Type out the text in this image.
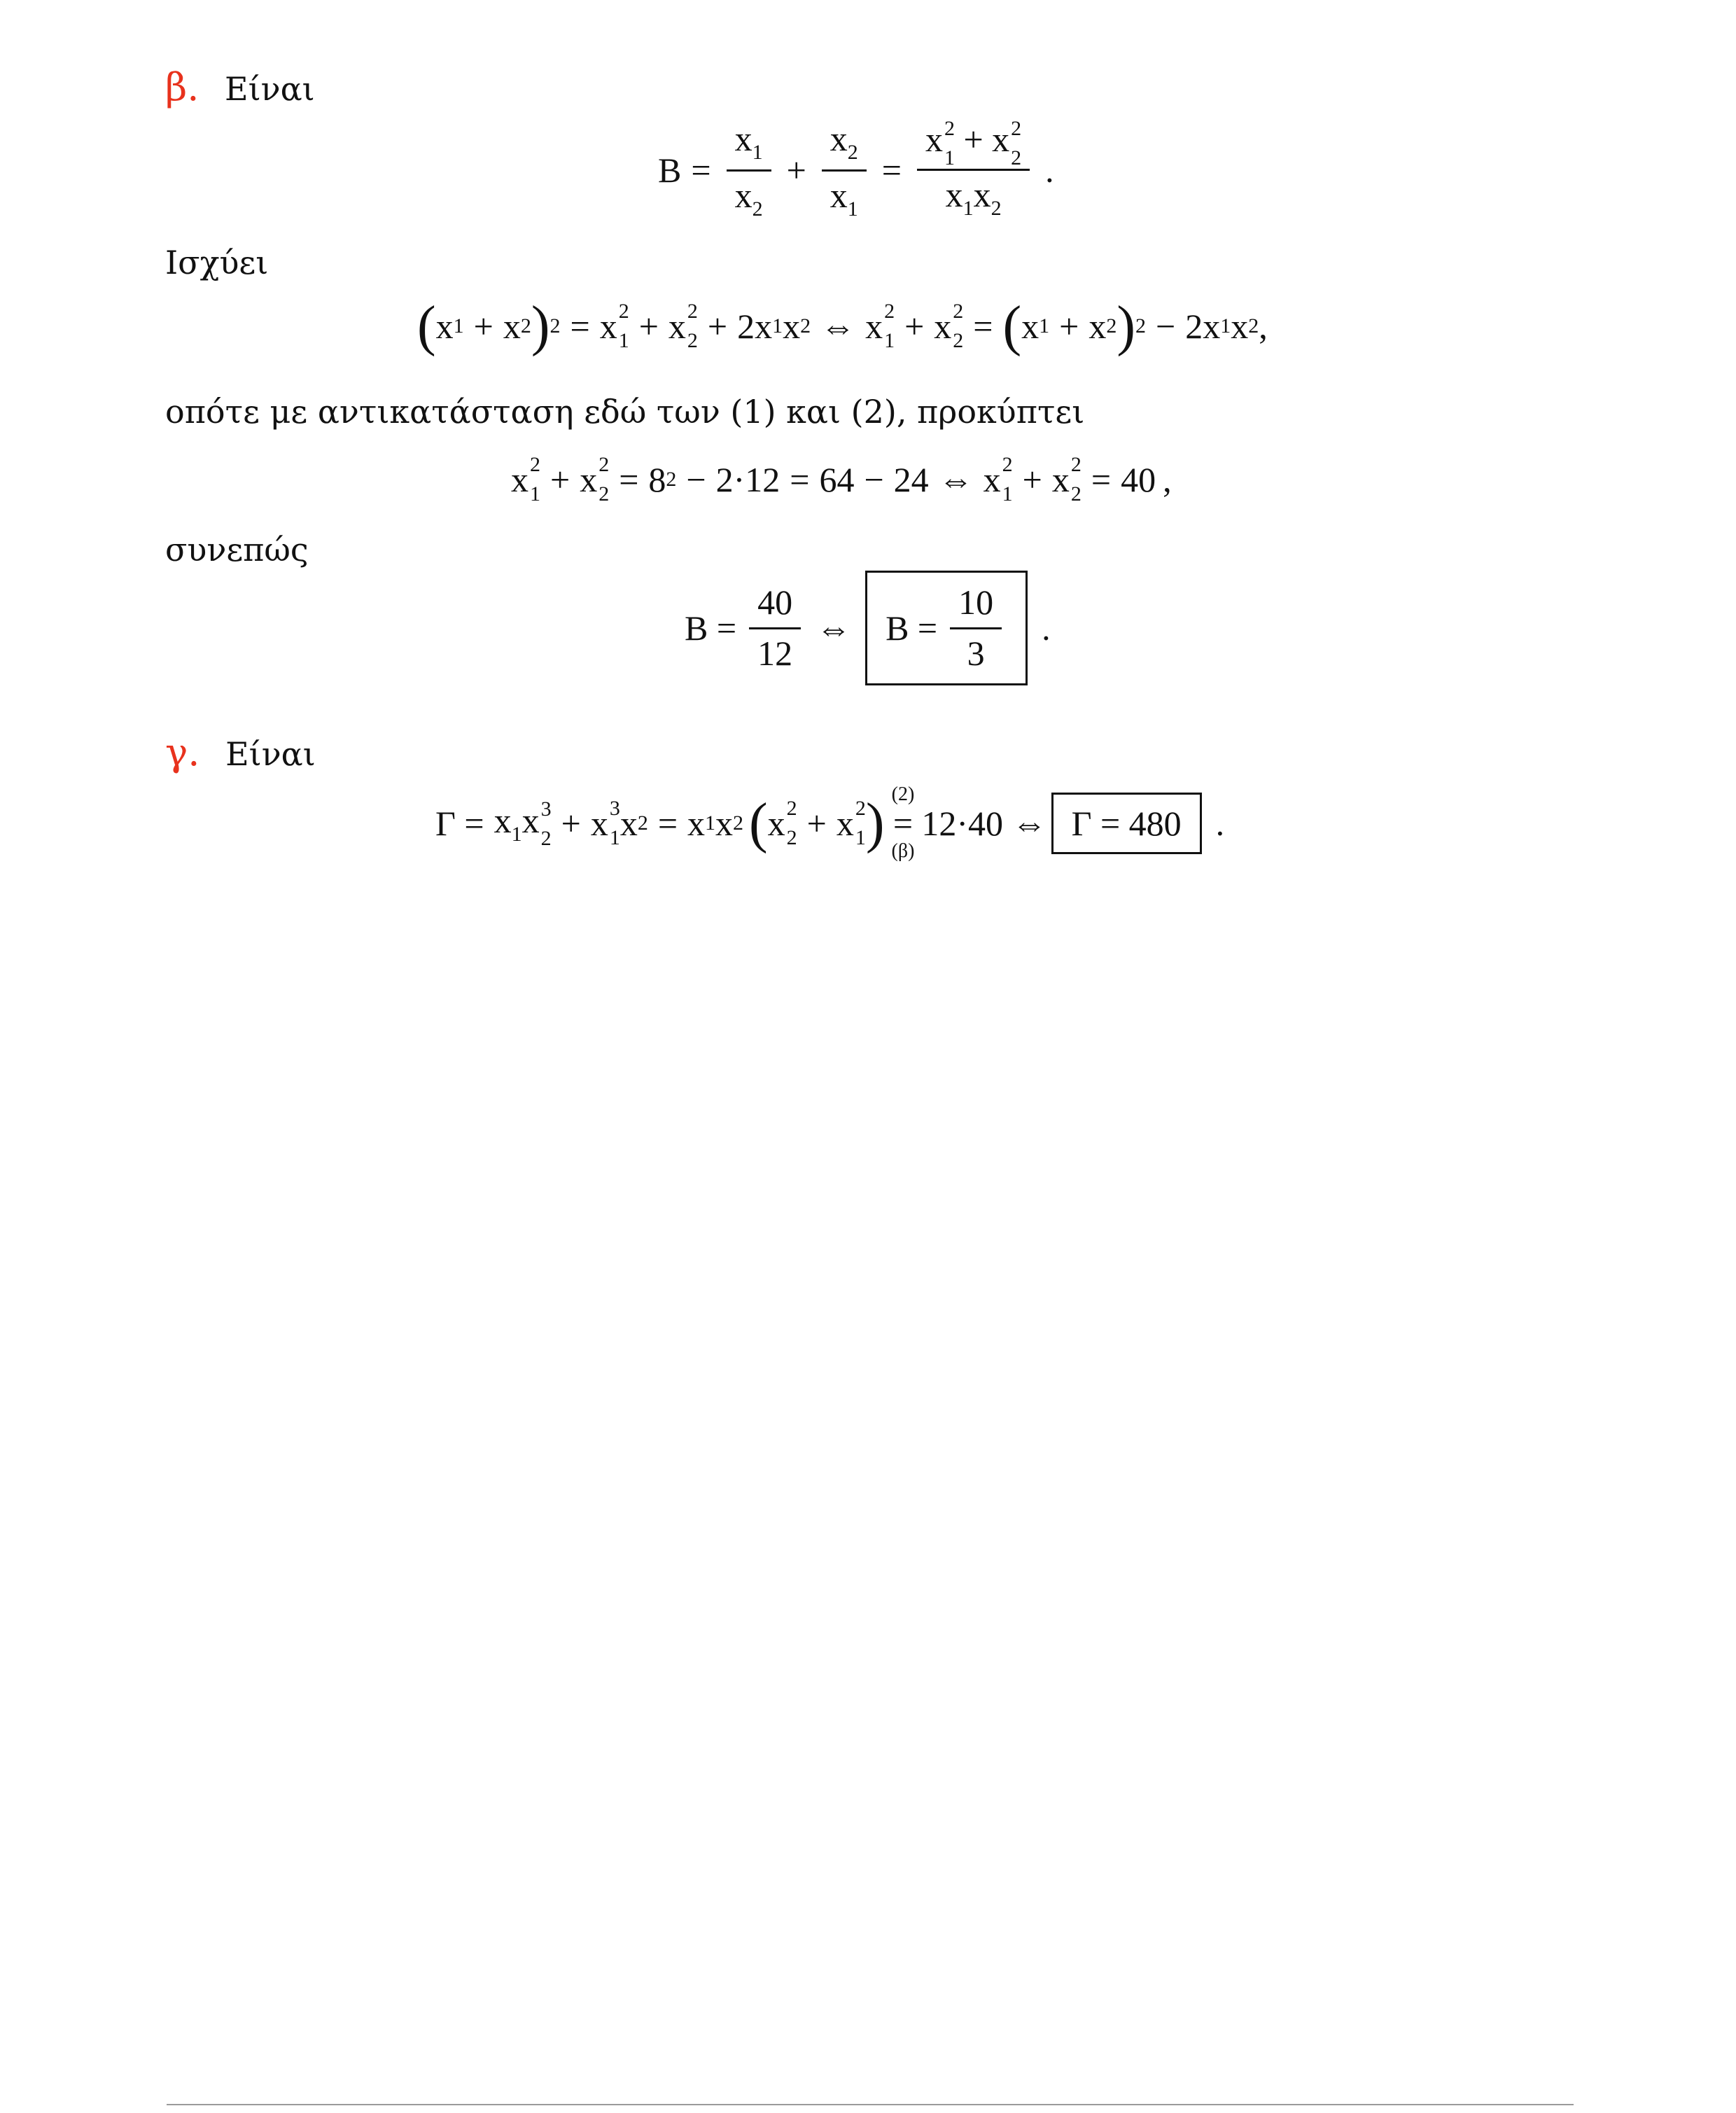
β. Είναι
$B = \frac{x_1}{x_2} + \frac{x_2}{x_1} = x$ 2
1 + x 2
2
$x_1x_2$ .
Ισχύει
( x 1 + x 2 ) 2 = x 2
1 + x 2
2 + 2x 1 x 2 ⇔ x 2
1 + x 2
2 = ( x 1 + x 2 ) 2 − 2x 1 x 2 ,
οπότε με αντικατάσταση εδώ των (1) και (2), προκύπτει
x 2
1 + x 2
2 = 8 2 − 2·12 = 64 − 24 ⇔ x 2
1 + x 2
2 = 40 ,
συνεπώς
$B = \frac{40}{12}$ ⇔ $B = \frac{10}{3}$ .
γ. Είναι
$\Gamma = x_1x$ 3
2 + x 3
1 x 2 = x 1 x 2 ( x 2
2 + x 2
1 ) (2)
=
(β)
12·40 ⇔ Γ = 480 .
